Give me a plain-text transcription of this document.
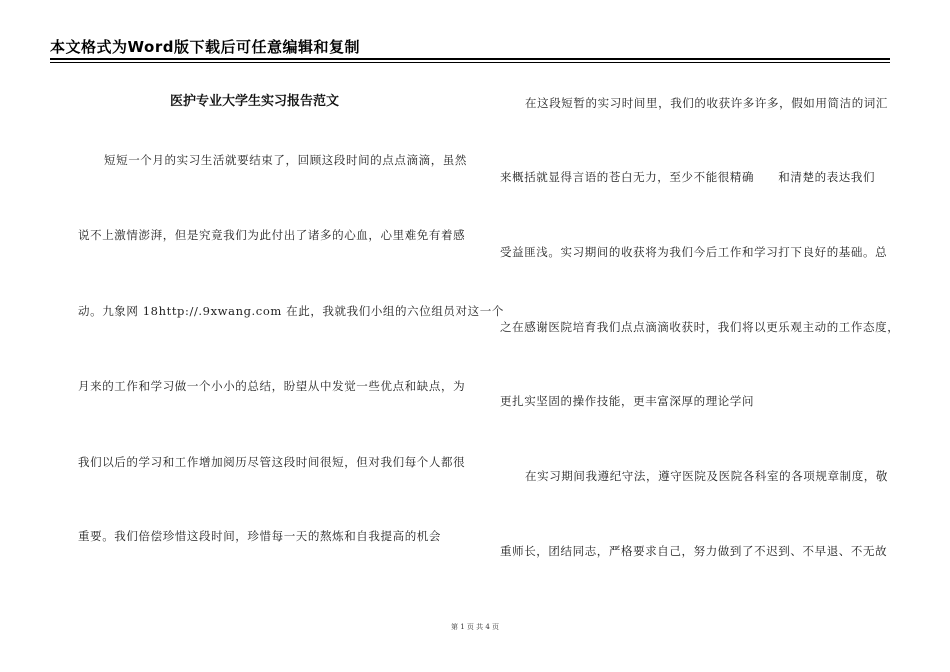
本文格式为Word版下载后可任意编辑和复制
医护专业大学生实习报告范文
短短一个月的实习生活就要结束了，回顾这段时间的点点滴滴，虽然
说不上激情澎湃，但是究竟我们为此付出了诸多的心血，心里难免有着感
动。九象网 18http://.9xwang.com 在此，我就我们小组的六位组员对这一个
月来的工作和学习做一个小小的总结，盼望从中发觉一些优点和缺点，为
我们以后的学习和工作增加阅历尽管这段时间很短，但对我们每个人都很
重要。我们倍偿珍惜这段时间，珍惜每一天的熬炼和自我提高的机会
在这段短暂的实习时间里，我们的收获许多许多，假如用简洁的词汇
来概括就显得言语的苍白无力，至少不能很精确　　和清楚的表达我们
受益匪浅。实习期间的收获将为我们今后工作和学习打下良好的基础。总
之在感谢医院培育我们点点滴滴收获时，我们将以更乐观主动的工作态度，
更扎实坚固的操作技能，更丰富深厚的理论学问
在实习期间我遵纪守法，遵守医院及医院各科室的各项规章制度，敬
重师长，团结同志，严格要求自己，努力做到了不迟到、不早退、不无故
第 1 页 共 4 页
